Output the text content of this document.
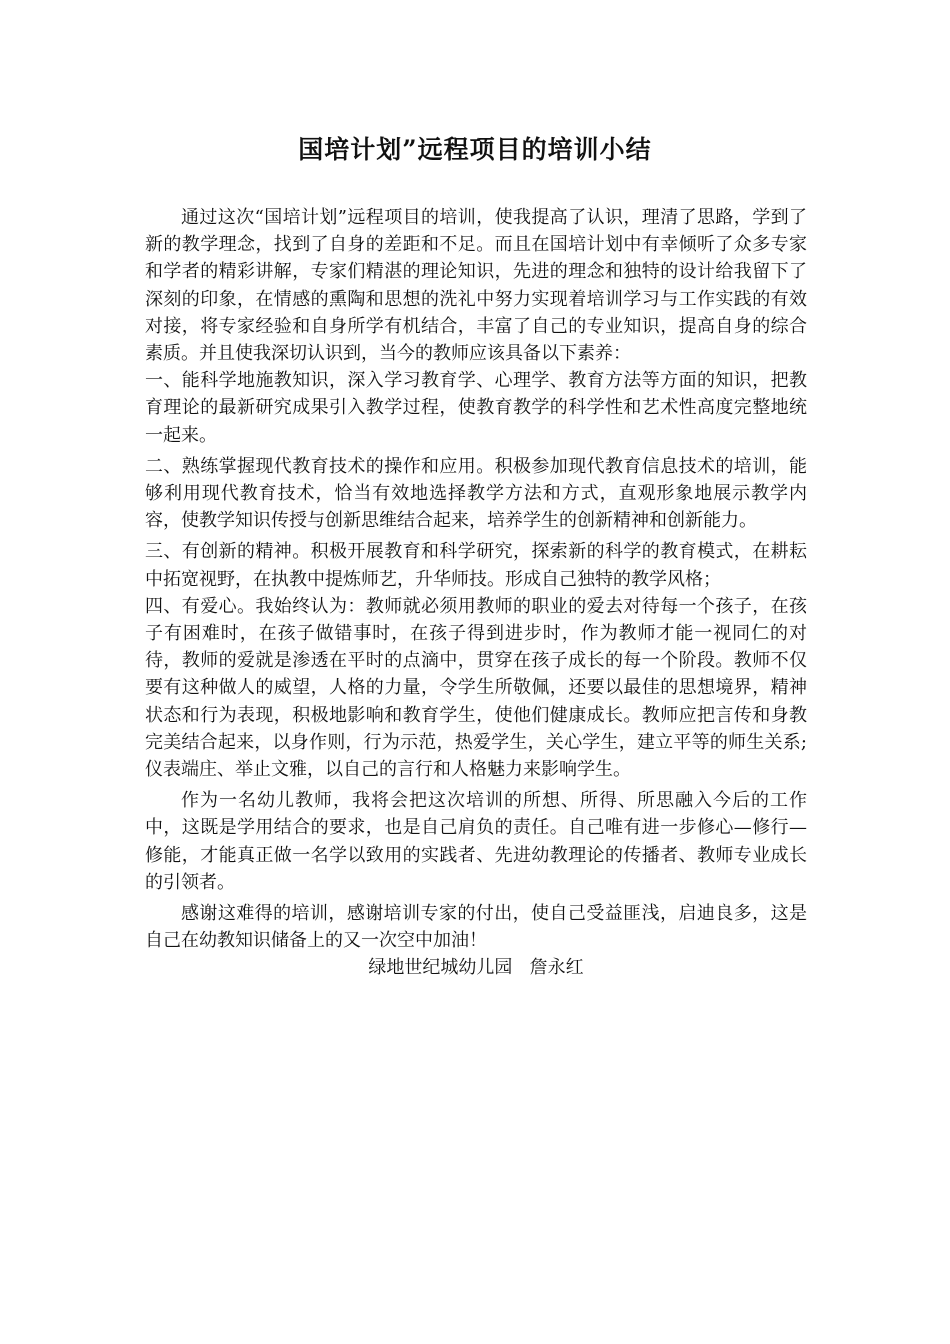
国培计划”远程项目的培训小结

通过这次“国培计划”远程项目的培训，使我提高了认识，理清了思路，学到了新的教学理念，找到了自身的差距和不足。而且在国培计划中有幸倾听了众多专家和学者的精彩讲解，专家们精湛的理论知识，先进的理念和独特的设计给我留下了深刻的印象，在情感的熏陶和思想的洗礼中努力实现着培训学习与工作实践的有效对接，将专家经验和自身所学有机结合，丰富了自己的专业知识，提高自身的综合素质。并且使我深切认识到，当今的教师应该具备以下素养：

一、能科学地施教知识，深入学习教育学、心理学、教育方法等方面的知识，把教育理论的最新研究成果引入教学过程，使教育教学的科学性和艺术性高度完整地统一起来。

二、熟练掌握现代教育技术的操作和应用。积极参加现代教育信息技术的培训，能够利用现代教育技术，恰当有效地选择教学方法和方式，直观形象地展示教学内容，使教学知识传授与创新思维结合起来，培养学生的创新精神和创新能力。

三、有创新的精神。积极开展教育和科学研究，探索新的科学的教育模式，在耕耘中拓宽视野，在执教中提炼师艺，升华师技。形成自己独特的教学风格；

四、有爱心。我始终认为：教师就必须用教师的职业的爱去对待每一个孩子，在孩子有困难时，在孩子做错事时，在孩子得到进步时，作为教师才能一视同仁的对待，教师的爱就是渗透在平时的点滴中，贯穿在孩子成长的每一个阶段。教师不仅要有这种做人的威望，人格的力量，令学生所敬佩，还要以最佳的思想境界，精神状态和行为表现，积极地影响和教育学生，使他们健康成长。教师应把言传和身教完美结合起来，以身作则，行为示范，热爱学生，关心学生，建立平等的师生关系;仪表端庄、举止文雅，以自己的言行和人格魅力来影响学生。

作为一名幼儿教师，我将会把这次培训的所想、所得、所思融入今后的工作中，这既是学用结合的要求，也是自己肩负的责任。自己唯有进一步修心—修行—修能，才能真正做一名学以致用的实践者、先进幼教理论的传播者、教师专业成长的引领者。

感谢这难得的培训，感谢培训专家的付出，使自己受益匪浅，启迪良多，这是自己在幼教知识储备上的又一次空中加油！

绿地世纪城幼儿园   詹永红
